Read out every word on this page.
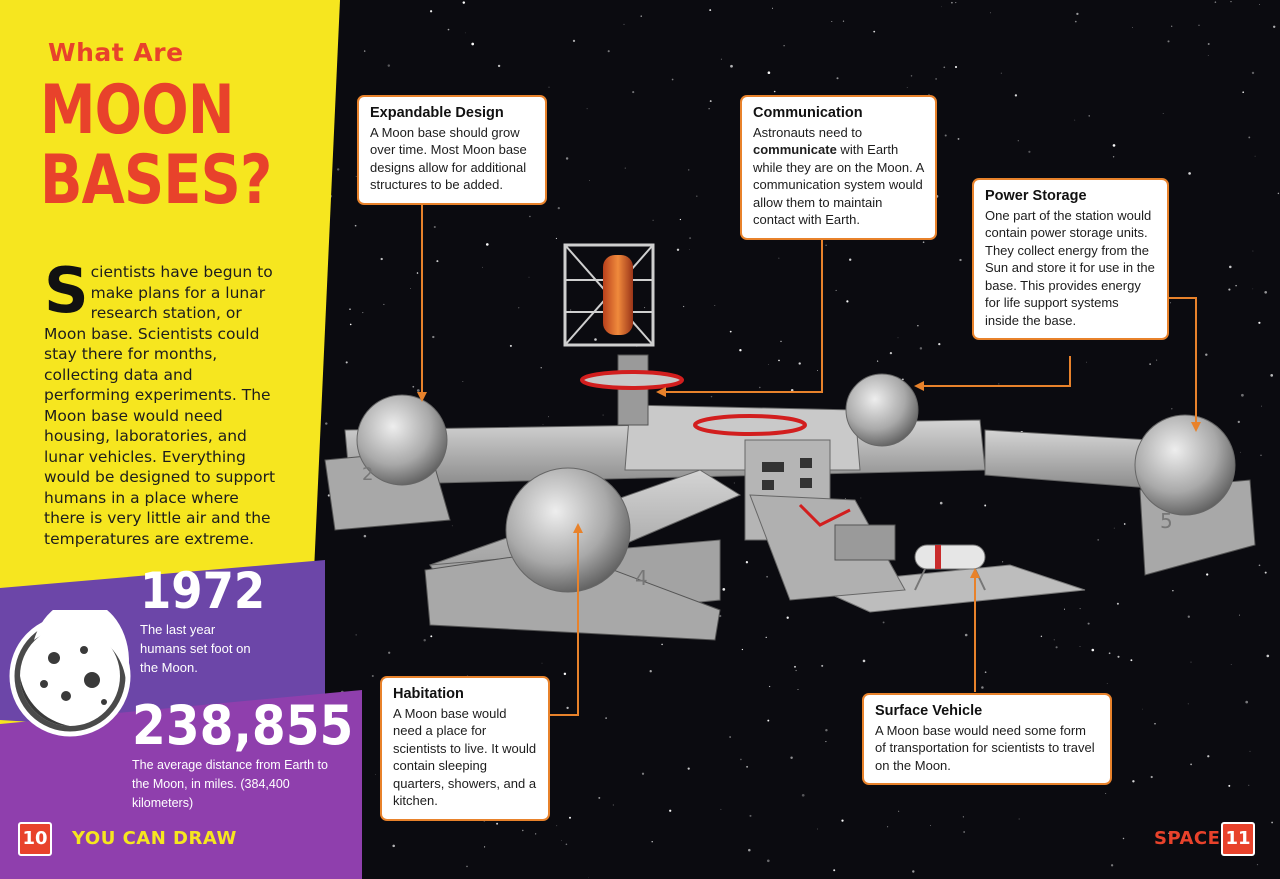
2
4
5
What Are
MOON
BASES?
Scientists have begun to make plans for a lunar research station, or Moon base. Scientists could stay there for months, collecting data and performing experiments. The Moon base would need housing, laboratories, and lunar vehicles. Everything would be designed to support humans in a place where there is very little air and the temperatures are extreme.
1972
The last year humans set foot on the Moon.
238,855
The average distance from Earth to the Moon, in miles. (384,400 kilometers)
10 YOU CAN DRAW	SPACE 11
Expandable Design
A Moon base should grow over time. Most Moon base designs allow for additional structures to be added.
Communication
Astronauts need to communicate with Earth while they are on the Moon. A communication system would allow them to maintain contact with Earth.
Power Storage
One part of the station would contain power storage units. They collect energy from the Sun and store it for use in the base. This provides energy for life support systems inside the base.
Habitation
A Moon base would need a place for scientists to live. It would contain sleeping quarters, showers, and a kitchen.
Surface Vehicle
A Moon base would need some form of transportation for scientists to travel on the Moon.
